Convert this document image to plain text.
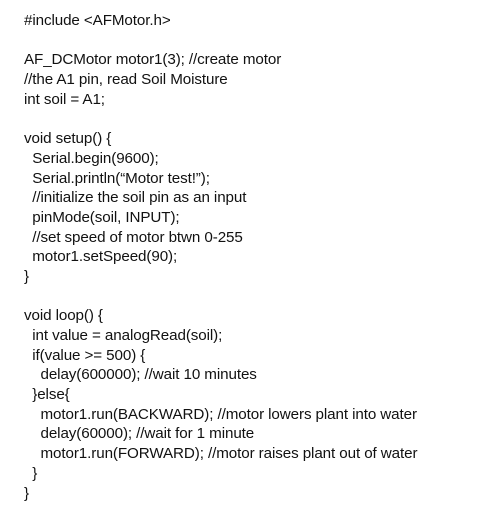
#include <AFMotor.h>
AF_DCMotor motor1(3); //create motor
//the A1 pin, read Soil Moisture
int soil = A1;
void setup() {
Serial.begin(9600);
Serial.println(“Motor test!”);
//initialize the soil pin as an input
pinMode(soil, INPUT);
//set speed of motor btwn 0-255
motor1.setSpeed(90);
}
void loop() {
int value = analogRead(soil);
if(value >= 500) {
delay(600000); //wait 10 minutes
}else{
motor1.run(BACKWARD); //motor lowers plant into water
delay(60000); //wait for 1 minute
motor1.run(FORWARD); //motor raises plant out of water
}
}
